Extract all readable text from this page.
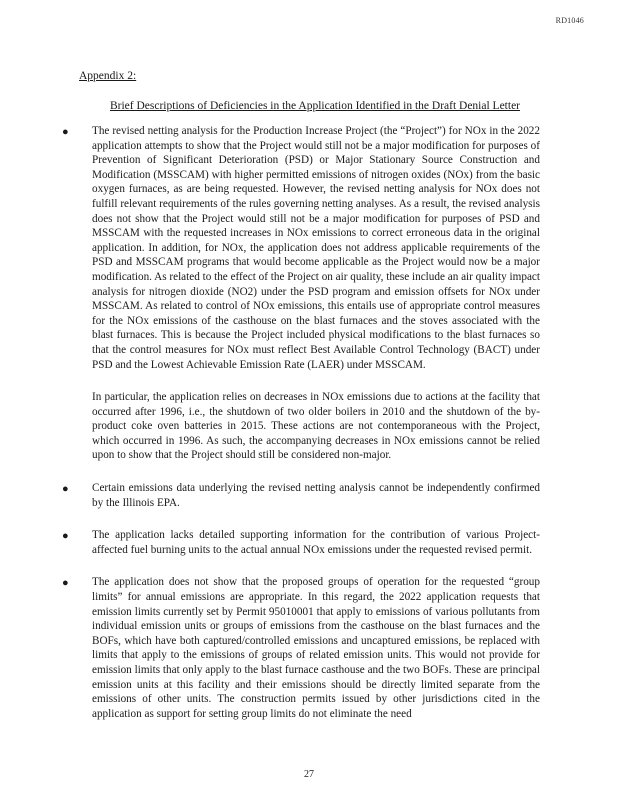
RD1046
Appendix 2:
Brief Descriptions of Deficiencies in the Application Identified in the Draft Denial Letter
● The revised netting analysis for the Production Increase Project (the “Project”) for NOx in the 2022 application attempts to show that the Project would still not be a major modification for purposes of Prevention of Significant Deterioration (PSD) or Major Stationary Source Construction and Modification (MSSCAM) with higher permitted emissions of nitrogen oxides (NOx) from the basic oxygen furnaces, as are being requested. However, the revised netting analysis for NOx does not fulfill relevant requirements of the rules governing netting analyses. As a result, the revised analysis does not show that the Project would still not be a major modification for purposes of PSD and MSSCAM with the requested increases in NOx emissions to correct erroneous data in the original application. In addition, for NOx, the application does not address applicable requirements of the PSD and MSSCAM programs that would become applicable as the Project would now be a major modification. As related to the effect of the Project on air quality, these include an air quality impact analysis for nitrogen dioxide (NO2) under the PSD program and emission offsets for NOx under MSSCAM. As related to control of NOx emissions, this entails use of appropriate control measures for the NOx emissions of the casthouse on the blast furnaces and the stoves associated with the blast furnaces. This is because the Project included physical modifications to the blast furnaces so that the control measures for NOx must reflect Best Available Control Technology (BACT) under PSD and the Lowest Achievable Emission Rate (LAER) under MSSCAM.

In particular, the application relies on decreases in NOx emissions due to actions at the facility that occurred after 1996, i.e., the shutdown of two older boilers in 2010 and the shutdown of the by-product coke oven batteries in 2015. These actions are not contemporaneous with the Project, which occurred in 1996. As such, the accompanying decreases in NOx emissions cannot be relied upon to show that the Project should still be considered non-major.

● Certain emissions data underlying the revised netting analysis cannot be independently confirmed by the Illinois EPA.

● The application lacks detailed supporting information for the contribution of various Project-affected fuel burning units to the actual annual NOx emissions under the requested revised permit.

● The application does not show that the proposed groups of operation for the requested “group limits” for annual emissions are appropriate. In this regard, the 2022 application requests that emission limits currently set by Permit 95010001 that apply to emissions of various pollutants from individual emission units or groups of emissions from the casthouse on the blast furnaces and the BOFs, which have both captured/controlled emissions and uncaptured emissions, be replaced with limits that apply to the emissions of groups of related emission units. This would not provide for emission limits that only apply to the blast furnace casthouse and the two BOFs. These are principal emission units at this facility and their emissions should be directly limited separate from the emissions of other units. The construction permits issued by other jurisdictions cited in the application as support for setting group limits do not eliminate the need

27
